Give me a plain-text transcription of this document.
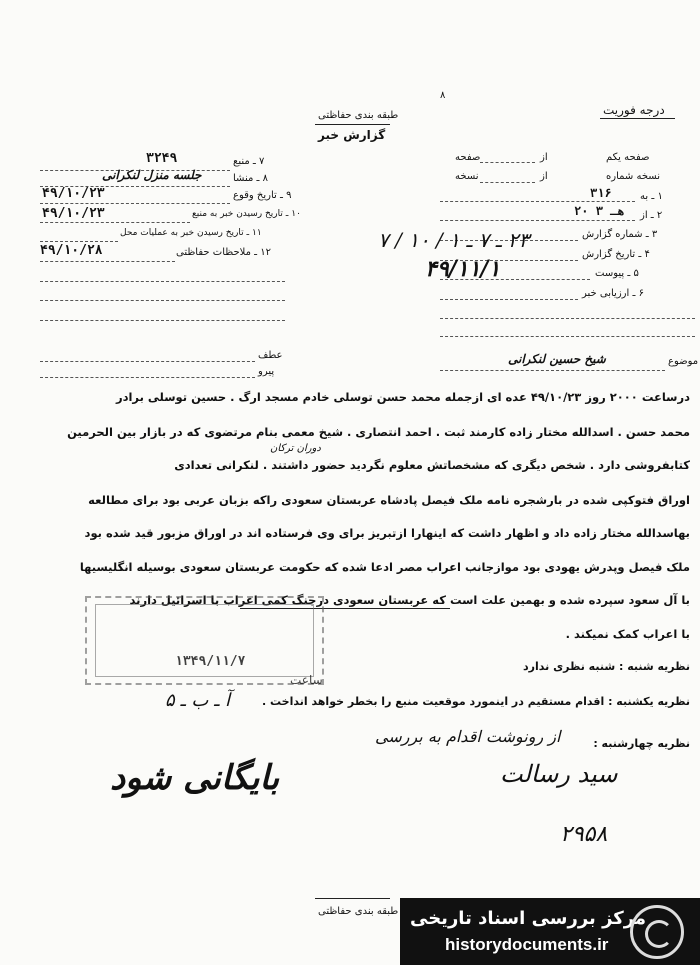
۸
درجه فوریت
طبقه بندی حفاظتی
گزارش خبر
۷ ـ منبع
۳۲۴۹
۸ ـ منشا
جلسه منزل لنکرانی
۹ ـ تاریخ وقوع
۴۹/۱۰/۲۳
۱۰ ـ تاریخ رسیدن خبر به منبع
۴۹/۱۰/۲۳
۱۱ ـ تاریخ رسیدن خبر به عملیات محل
۱۲ ـ ملاحظات حفاظتی
۴۹/۱۰/۲۸
صفحه یکم
از
صفحه
نسخه شماره
از
نسخه
۱ ـ به
۳۱۶
۲ ـ از
۲۰ هـ ۳
۳ ـ شماره گزارش
۴ ـ تاریخ گزارش
۵ ـ پیوست
۶ ـ ارزیابی خبر
۲۳ ـ ۷ ـ ۱ / ۱۰ / ۷
۴۹/۱۱/۱
موضوع
شیخ حسین لنکرانی
عطف
پیرو
درساعت ۲۰۰۰ روز ۴۹/۱۰/۲۳ عده ای ازجمله محمد حسن توسلی خادم مسجد ارگ . حسین توسلی برادر
محمد حسن . اسدالله مختار زاده کارمند ثبت . احمد انتصاری . شیخ معمی بنام مرتضوی که در بازار بین الحرمین
دوران ترکان
کتابفروشی دارد . شخص دیگری که مشخصاتش معلوم نگردید حضور داشتند . لنکرانی تعدادی
اوراق فتوکپی شده در بارشجره نامه ملک فیصل پادشاه عربستان سعودی راکه بزبان عربی بود برای مطالعه
بهاسدالله مختار زاده داد و اظهار داشت که اینهارا ازتبریز برای وی فرستاده اند در اوراق مزبور قید شده بود
ملک فیصل وپدرش یهودی بود موازجانب اعراب مصر ادعا شده که حکومت عربستان سعودی بوسیله انگلیسیها
با آل سعود سپرده شده و بهمین علت است که عربستان سعودی درجنگ کمی اعراب با اسرائیل دارند
با اعراب کمک نمیکند .
۱۳۴۹/۱۱/۷
ساعت
نظریه شنبه : شنبه نظری ندارد
نظریه یکشنبه : اقدام مستقیم در اینمورد موقعیت منبع را بخطر خواهد انداخت .
آ ـ ب ـ ۵
نظریه چهارشنبه :
از رونوشت اقدام به بررسی
بایگانی شود	سید رسالت
۲۹۵۸
طبقه بندی حفاظتی مرکز بررسی اسناد تاریخی
historydocuments.ir
